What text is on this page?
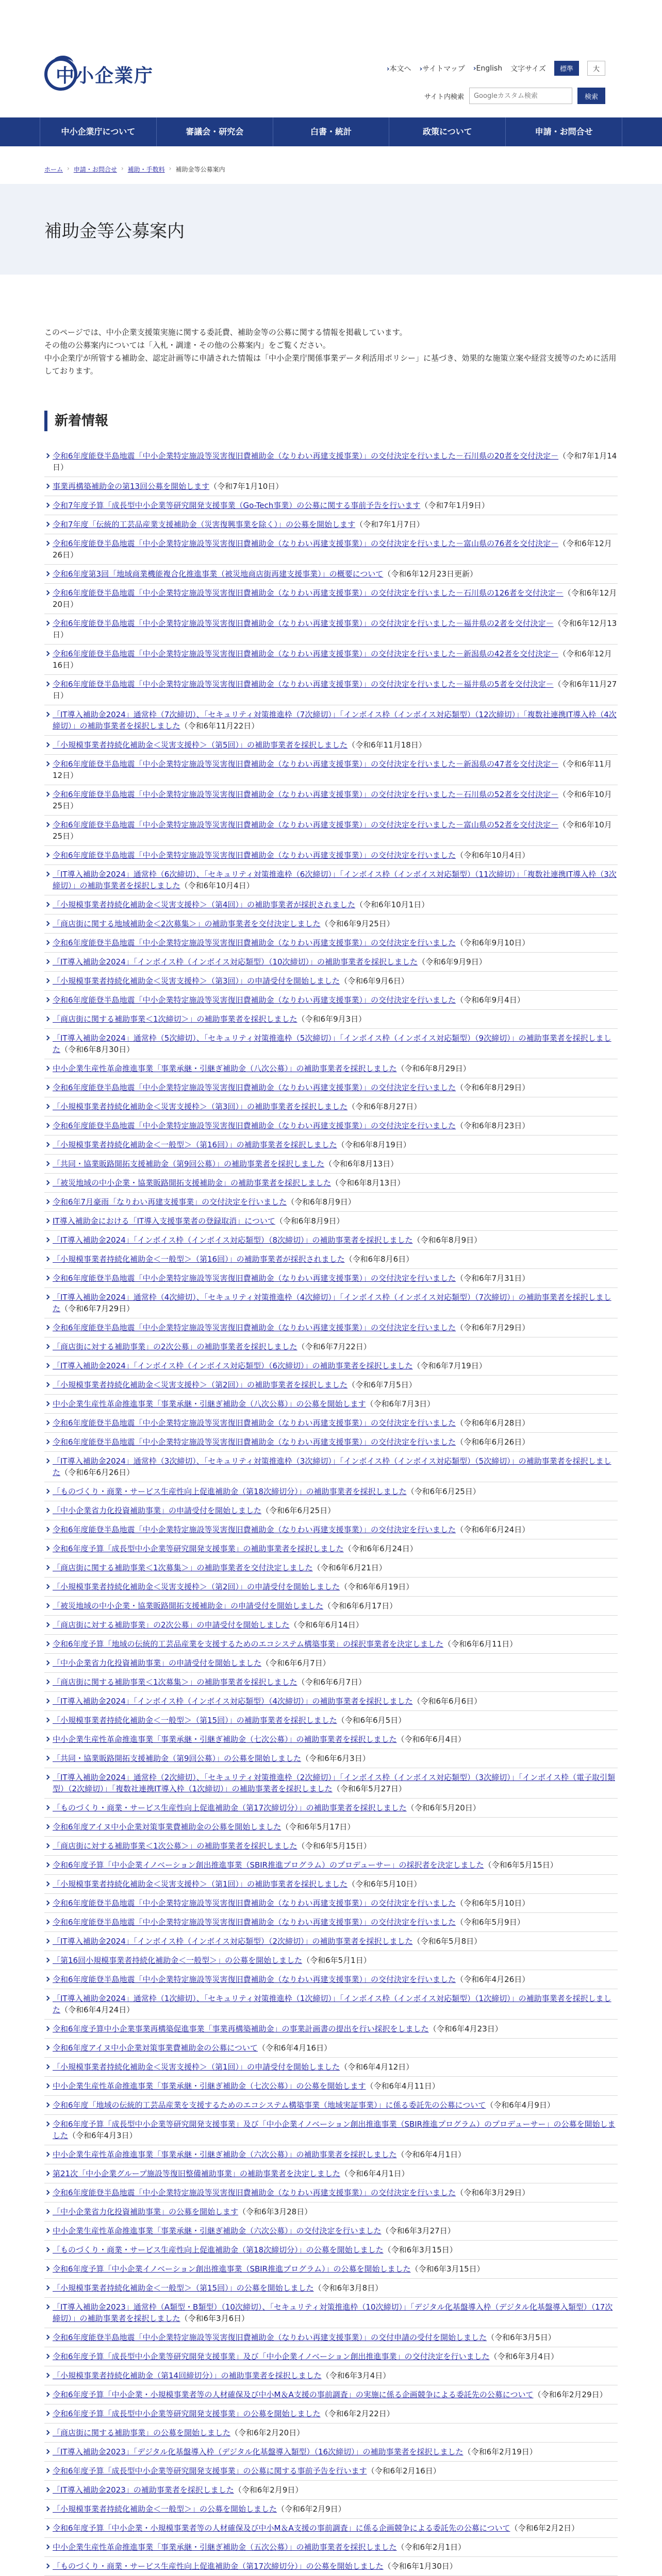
中小企業庁	› 本文へ	› サイトマップ	› English 文字サイズ	標準	大
サイト内検索
Googleカスタム検索	検索
中小企業庁について	審議会・研究会	白書・統計	政策について	申請・お問合せ
ホーム › 申請・お問合せ › 補助・手数料 › 補助金等公募案内
補助金等公募案内

このページでは、中小企業支援策実施に関する委託費、補助金等の公募に関する情報を掲載しています。

その他の公募案内については「入札・調達・その他の公募案内」をご覧ください。

中小企業庁が所管する補助金、認定計画等に申請された情報は「中小企業庁関係事業データ利活用ポリシー」に基づき、効果的な施策立案や経営支援等のために活用しております。

新着情報
令和6年度能登半島地震「中小企業特定施設等災害復旧費補助金（なりわい再建支援事業）」の交付決定を行いました－石川県の20者を交付決定－（令和7年1月14日）
事業再構築補助金の第13回公募を開始します（令和7年1月10日）
令和7年度予算「成長型中小企業等研究開発支援事業（Go-Tech事業）の公募に関する事前予告を行います（令和7年1月9日）
令和7年度「伝統的工芸品産業支援補助金（災害復興事業を除く）」の公募を開始します（令和7年1月7日）
令和6年度能登半島地震「中小企業特定施設等災害復旧費補助金（なりわい再建支援事業）」の交付決定を行いました－富山県の76者を交付決定－（令和6年12月26日）
令和6年度第3回「地域商業機能複合化推進事業（被災地商店街再建支援事業）」の概要について（令和6年12月23日更新）
令和6年度能登半島地震「中小企業特定施設等災害復旧費補助金（なりわい再建支援事業）」の交付決定を行いました－石川県の126者を交付決定－（令和6年12月20日）
令和6年度能登半島地震「中小企業特定施設等災害復旧費補助金（なりわい再建支援事業）」の交付決定を行いました－福井県の2者を交付決定－（令和6年12月13日）
令和6年度能登半島地震「中小企業特定施設等災害復旧費補助金（なりわい再建支援事業）」の交付決定を行いました－新潟県の42者を交付決定－（令和6年12月16日）
令和6年度能登半島地震「中小企業特定施設等災害復旧費補助金（なりわい再建支援事業）」の交付決定を行いました－福井県の5者を交付決定－（令和6年11月27日）
「IT導入補助金2024」通常枠（7次締切）、「セキュリティ対策推進枠（7次締切）」「インボイス枠（インボイス対応類型）（12次締切）」「複数社連携IT導入枠（4次締切）」の補助事業者を採択しました（令和6年11月22日）
「小規模事業者持続化補助金＜災害支援枠＞（第5回）」の補助事業者を採択しました（令和6年11月18日）
令和6年度能登半島地震「中小企業特定施設等災害復旧費補助金（なりわい再建支援事業）」の交付決定を行いました－新潟県の47者を交付決定－（令和6年11月12日）
令和6年度能登半島地震「中小企業特定施設等災害復旧費補助金（なりわい再建支援事業）」の交付決定を行いました－石川県の52者を交付決定－（令和6年10月25日）
令和6年度能登半島地震「中小企業特定施設等災害復旧費補助金（なりわい再建支援事業）」の交付決定を行いました－富山県の52者を交付決定－（令和6年10月25日）
令和6年度能登半島地震「中小企業特定施設等災害復旧費補助金（なりわい再建支援事業）」の交付決定を行いました（令和6年10月4日）
「IT導入補助金2024」通常枠（6次締切）、「セキュリティ対策推進枠（6次締切）」「インボイス枠（インボイス対応類型）（11次締切）」「複数社連携IT導入枠（3次締切）」の補助事業者を採択しました（令和6年10月4日）
「小規模事業者持続化補助金＜災害支援枠＞（第4回）」の補助事業者が採択されました（令和6年10月1日）
「商店街に関する地域補助金＜2次募集＞」の補助事業者を交付決定しました（令和6年9月25日）
令和6年度能登半島地震「中小企業特定施設等災害復旧費補助金（なりわい再建支援事業）」の交付決定を行いました（令和6年9月10日）
「IT導入補助金2024」「インボイス枠（インボイス対応類型）（10次締切）」の補助事業者を採択しました（令和6年9月9日）
「小規模事業者持続化補助金＜災害支援枠＞（第3回）」の申請受付を開始しました（令和6年9月6日）
令和6年度能登半島地震「中小企業特定施設等災害復旧費補助金（なりわい再建支援事業）」の交付決定を行いました（令和6年9月4日）
「商店街に関する補助事業＜1次締切＞」の補助事業者を採択しました（令和6年9月3日）
「IT導入補助金2024」通常枠（5次締切）、「セキュリティ対策推進枠（5次締切）」「インボイス枠（インボイス対応類型）（9次締切）」の補助事業者を採択しました（令和6年8月30日）
中小企業生産性革命推進事業「事業承継・引継ぎ補助金（八次公募）」の補助事業者を採択しました（令和6年8月29日）
令和6年度能登半島地震「中小企業特定施設等災害復旧費補助金（なりわい再建支援事業）」の交付決定を行いました（令和6年8月29日）
「小規模事業者持続化補助金＜災害支援枠＞（第3回）」の補助事業者を採択しました（令和6年8月27日）
令和6年度能登半島地震「中小企業特定施設等災害復旧費補助金（なりわい再建支援事業）」の交付決定を行いました（令和6年8月23日）
「小規模事業者持続化補助金＜一般型＞（第16回）」の補助事業者を採択しました（令和6年8月19日）
「共同・協業販路開拓支援補助金（第9回公募）」の補助事業者を採択しました（令和6年8月13日）
「被災地域の中小企業・協業販路開拓支援補助金」の補助事業者を採択しました（令和6年8月13日）
令和6年7月豪雨「なりわい再建支援事業」の交付決定を行いました（令和6年8月9日）
IT導入補助金における「IT導入支援事業者の登録取消」について（令和6年8月9日）
「IT導入補助金2024」「インボイス枠（インボイス対応類型）（8次締切）」の補助事業者を採択しました（令和6年8月9日）
「小規模事業者持続化補助金＜一般型＞（第16回）」の補助事業者が採択されました（令和6年8月6日）
令和6年度能登半島地震「中小企業特定施設等災害復旧費補助金（なりわい再建支援事業）」の交付決定を行いました（令和6年7月31日）
「IT導入補助金2024」通常枠（4次締切）、「セキュリティ対策推進枠（4次締切）」「インボイス枠（インボイス対応類型）（7次締切）」の補助事業者を採択しました（令和6年7月29日）
令和6年度能登半島地震「中小企業特定施設等災害復旧費補助金（なりわい再建支援事業）」の交付決定を行いました（令和6年7月29日）
「商店街に対する補助事業」の2次公募」の補助事業者を採択しました（令和6年7月22日）
「IT導入補助金2024」「インボイス枠（インボイス対応類型）（6次締切）」の補助事業者を採択しました（令和6年7月19日）
「小規模事業者持続化補助金＜災害支援枠＞（第2回）」の補助事業者を採択しました（令和6年7月5日）
中小企業生産性革命推進事業「事業承継・引継ぎ補助金（八次公募）」の公募を開始します（令和6年7月3日）
令和6年度能登半島地震「中小企業特定施設等災害復旧費補助金（なりわい再建支援事業）」の交付決定を行いました（令和6年6月28日）
令和6年度能登半島地震「中小企業特定施設等災害復旧費補助金（なりわい再建支援事業）」の交付決定を行いました（令和6年6月26日）
「IT導入補助金2024」通常枠（3次締切）、「セキュリティ対策推進枠（3次締切）」「インボイス枠（インボイス対応類型）（5次締切）」の補助事業者を採択しました（令和6年6月26日）
「ものづくり・商業・サービス生産性向上促進補助金（第18次締切分）」の補助事業者を採択しました（令和6年6月25日）
「中小企業省力化投資補助事業」の申請受付を開始しました（令和6年6月25日）
令和6年度能登半島地震「中小企業特定施設等災害復旧費補助金（なりわい再建支援事業）」の交付決定を行いました（令和6年6月24日）
令和6年度予算「成長型中小企業等研究開発支援事業」の補助事業者を採択しました（令和6年6月24日）
「商店街に関する補助事業＜1次募集＞」の補助事業者を交付決定しました（令和6年6月21日）
「小規模事業者持続化補助金＜災害支援枠＞（第2回）」の申請受付を開始しました（令和6年6月19日）
「被災地域の中小企業・協業販路開拓支援補助金」の申請受付を開始しました（令和6年6月17日）
「商店街に対する補助事業」の2次公募」の申請受付を開始しました（令和6年6月14日）
令和6年度予算「地域の伝統的工芸品産業を支援するためのエコシステム構築事業」の採択事業者を決定しました（令和6年6月11日）
「中小企業省力化投資補助事業」の申請受付を開始しました（令和6年6月7日）
「商店街に関する補助事業＜1次募集＞」の補助事業者を採択しました（令和6年6月7日）
「IT導入補助金2024」「インボイス枠（インボイス対応類型）（4次締切）」の補助事業者を採択しました（令和6年6月6日）
「小規模事業者持続化補助金＜一般型＞（第15回）」の補助事業者を採択しました（令和6年6月5日）
中小企業生産性革命推進事業「事業承継・引継ぎ補助金（七次公募）」の補助事業者を採択しました（令和6年6月4日）
「共同・協業販路開拓支援補助金（第9回公募）」の公募を開始しました（令和6年6月3日）
「IT導入補助金2024」通常枠（2次締切）、「セキュリティ対策推進枠（2次締切）」「インボイス枠（インボイス対応類型）（3次締切）」「インボイス枠（電子取引類型）（2次締切）」「複数社連携IT導入枠（1次締切）」の補助事業者を採択しました（令和6年5月27日）
「ものづくり・商業・サービス生産性向上促進補助金（第17次締切分）」の補助事業者を採択しました（令和6年5月20日）
令和6年度アイヌ中小企業対策事業費補助金の公募を開始しました（令和6年5月17日）
「商店街に対する補助事業＜1次公募＞」の補助事業者を採択しました（令和6年5月15日）
令和6年度予算「中小企業イノベーション創出推進事業（SBIR推進プログラム）のプロデューサー」の採択者を決定しました（令和6年5月15日）
「小規模事業者持続化補助金＜災害支援枠＞（第1回）」の補助事業者を採択しました（令和6年5月10日）
令和6年度能登半島地震「中小企業特定施設等災害復旧費補助金（なりわい再建支援事業）」の交付決定を行いました（令和6年5月10日）
令和6年度能登半島地震「中小企業特定施設等災害復旧費補助金（なりわい再建支援事業）」の交付決定を行いました（令和6年5月9日）
「IT導入補助金2024」「インボイス枠（インボイス対応類型）（2次締切）」の補助事業者を採択しました（令和6年5月8日）
「第16回小規模事業者持続化補助金＜一般型＞」の公募を開始しました（令和6年5月1日）
令和6年度能登半島地震「中小企業特定施設等災害復旧費補助金（なりわい再建支援事業）」の交付決定を行いました（令和6年4月26日）
「IT導入補助金2024」通常枠（1次締切）、「セキュリティ対策推進枠（1次締切）」「インボイス枠（インボイス対応類型）（1次締切）」の補助事業者を採択しました（令和6年4月24日）
令和6年度予算中小企業事業再構築促進事業「事業再構築補助金」の事業計画書の提出を行い採択をしました（令和6年4月23日）
令和6年度アイヌ中小企業対策事業費補助金の公募について（令和6年4月16日）
「小規模事業者持続化補助金＜災害支援枠＞（第1回）」の申請受付を開始しました（令和6年4月12日）
中小企業生産性革命推進事業「事業承継・引継ぎ補助金（七次公募）」の公募を開始します（令和6年4月11日）
令和6年度「地域の伝統的工芸品産業を支援するためのエコシステム構築事業（地域実証事業）」に係る委託先の公募について（令和6年4月9日）
令和6年度予算「成長型中小企業等研究開発支援事業」及び「中小企業イノベーション創出推進事業（SBIR推進プログラム）のプロデューサー」の公募を開始しました（令和6年4月3日）
中小企業生産性革命推進事業「事業承継・引継ぎ補助金（六次公募）」の補助事業者を採択しました（令和6年4月1日）
第21次「中小企業グループ施設等復旧整備補助事業」の補助事業者を決定しました（令和6年4月1日）
令和6年度能登半島地震「中小企業特定施設等災害復旧費補助金（なりわい再建支援事業）」の交付決定を行いました（令和6年3月29日）
「中小企業省力化投資補助事業」の公募を開始します（令和6年3月28日）
中小企業生産性革命推進事業「事業承継・引継ぎ補助金（六次公募）」の交付決定を行いました（令和6年3月27日）
「ものづくり・商業・サービス生産性向上促進補助金（第18次締切分）」の公募を開始しました（令和6年3月15日）
令和6年度予算「中小企業イノベーション創出推進事業（SBIR推進プログラム）」の公募を開始しました（令和6年3月15日）
「小規模事業者持続化補助金＜一般型＞（第15回）」の公募を開始しました（令和6年3月8日）
「IT導入補助金2023」通常枠（A類型・B類型）（10次締切）、「セキュリティ対策推進枠（10次締切）」「デジタル化基盤導入枠（デジタル化基盤導入類型）（17次締切）」の補助事業者を採択しました（令和6年3月6日）
令和6年度能登半島地震「中小企業特定施設等災害復旧費補助金（なりわい再建支援事業）」の交付申請の受付を開始しました（令和6年3月5日）
令和6年度予算「成長型中小企業等研究開発支援事業」及び「中小企業イノベーション創出推進事業」の交付決定を行いました（令和6年3月4日）
「小規模事業者持続化補助金（第14回締切分）」の補助事業者を採択しました（令和6年3月4日）
令和6年度予算「中小企業・小規模事業者等の人材確保及び中小M＆A支援の事前調査」の実施に係る企画競争による委託先の公募について（令和6年2月29日）
令和6年度予算「成長型中小企業等研究開発支援事業」の公募を開始しました（令和6年2月22日）
「商店街に関する補助事業」の公募を開始しました（令和6年2月20日）
「IT導入補助金2023」「デジタル化基盤導入枠（デジタル化基盤導入類型）（16次締切）」の補助事業者を採択しました（令和6年2月19日）
令和6年度予算「成長型中小企業等研究開発支援事業」の公募に関する事前予告を行います（令和6年2月16日）
「IT導入補助金2023」の補助事業者を採択しました（令和6年2月9日）
「小規模事業者持続化補助金＜一般型＞」の公募を開始しました（令和6年2月9日）
令和6年度予算「中小企業・小規模事業者等の人材確保及び中小M＆A支援の事前調査」に係る企画競争による委託先の公募について（令和6年2月2日）
中小企業生産性革命推進事業「事業承継・引継ぎ補助金（五次公募）」の補助事業者を採択しました（令和6年2月1日）
「ものづくり・商業・サービス生産性向上促進補助金（第17次締切分）」の公募を開始しました（令和6年1月30日）
